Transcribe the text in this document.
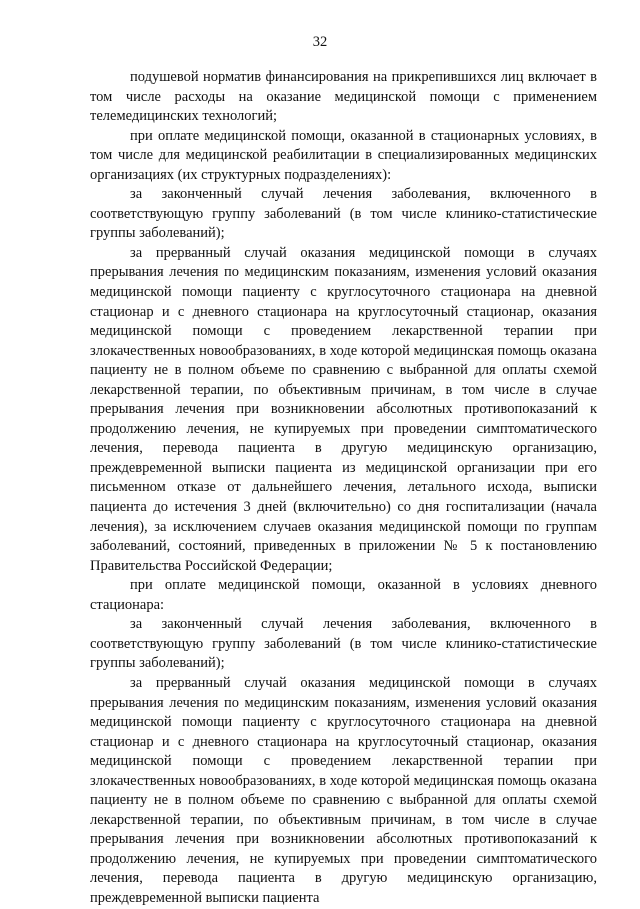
32

подушевой норматив финансирования на прикрепившихся лиц включает в том числе расходы на оказание медицинской помощи с применением телемедицинских технологий;

при оплате медицинской помощи, оказанной в стационарных условиях, в том числе для медицинской реабилитации в специализированных медицинских организациях (их структурных подразделениях):

за законченный случай лечения заболевания, включенного в соответствующую группу заболеваний (в том числе клинико-статистические группы заболеваний);

за прерванный случай оказания медицинской помощи в случаях прерывания лечения по медицинским показаниям, изменения условий оказания медицинской помощи пациенту с круглосуточного стационара на дневной стационар и с дневного стационара на круглосуточный стационар, оказания медицинской помощи с проведением лекарственной терапии при злокачественных новообразованиях, в ходе которой медицинская помощь оказана пациенту не в полном объеме по сравнению с выбранной для оплаты схемой лекарственной терапии, по объективным причинам, в том числе в случае прерывания лечения при возникновении абсолютных противопоказаний к продолжению лечения, не купируемых при проведении симптоматического лечения, перевода пациента в другую медицинскую организацию, преждевременной выписки пациента из медицинской организации при его письменном отказе от дальнейшего лечения, летального исхода, выписки пациента до истечения 3 дней (включительно) со дня госпитализации (начала лечения), за исключением случаев оказания медицинской помощи по группам заболеваний, состояний, приведенных в приложении № 5 к постановлению Правительства Российской Федерации;

при оплате медицинской помощи, оказанной в условиях дневного стационара:

за законченный случай лечения заболевания, включенного в соответствующую группу заболеваний (в том числе клинико-статистические группы заболеваний);

за прерванный случай оказания медицинской помощи в случаях прерывания лечения по медицинским показаниям, изменения условий оказания медицинской помощи пациенту с круглосуточного стационара на дневной стационар и с дневного стационара на круглосуточный стационар, оказания медицинской помощи с проведением лекарственной терапии при злокачественных новообразованиях, в ходе которой медицинская помощь оказана пациенту не в полном объеме по сравнению с выбранной для оплаты схемой лекарственной терапии, по объективным причинам, в том числе в случае прерывания лечения при возникновении абсолютных противопоказаний к продолжению лечения, не купируемых при проведении симптоматического лечения, перевода пациента в другую медицинскую организацию, преждевременной выписки пациента
